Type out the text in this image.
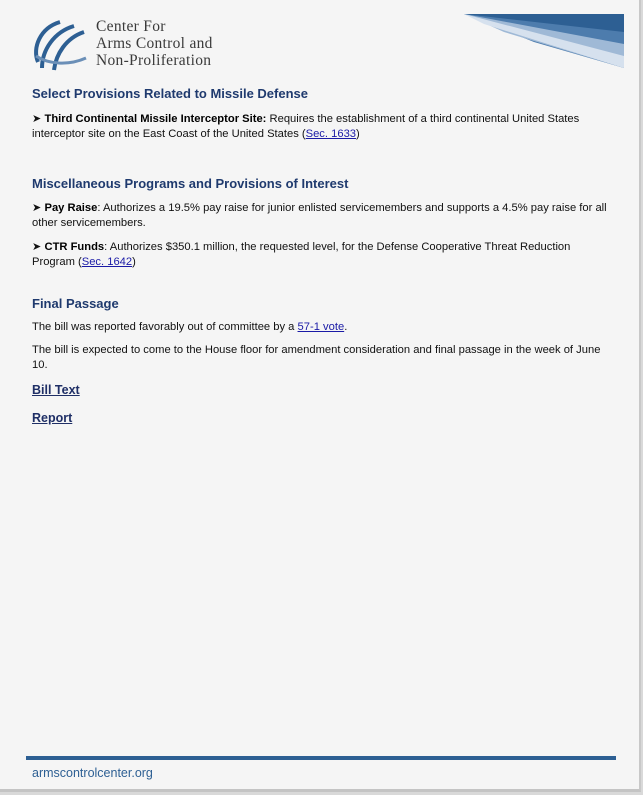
Center For
Arms Control and
Non-Proliferation
Select Provisions Related to Missile Defense
➤ Third Continental Missile Interceptor Site: Requires the establishment of a third continental United States interceptor site on the East Coast of the United States (Sec. 1633)
Miscellaneous Programs and Provisions of Interest
➤ Pay Raise: Authorizes a 19.5% pay raise for junior enlisted servicemembers and supports a 4.5% pay raise for all other servicemembers.
➤ CTR Funds: Authorizes $350.1 million, the requested level, for the Defense Cooperative Threat Reduction Program (Sec. 1642)
Final Passage
The bill was reported favorably out of committee by a 57-1 vote.
The bill is expected to come to the House floor for amendment consideration and final passage in the week of June 10.
Bill Text
Report
armscontrolcenter.org
